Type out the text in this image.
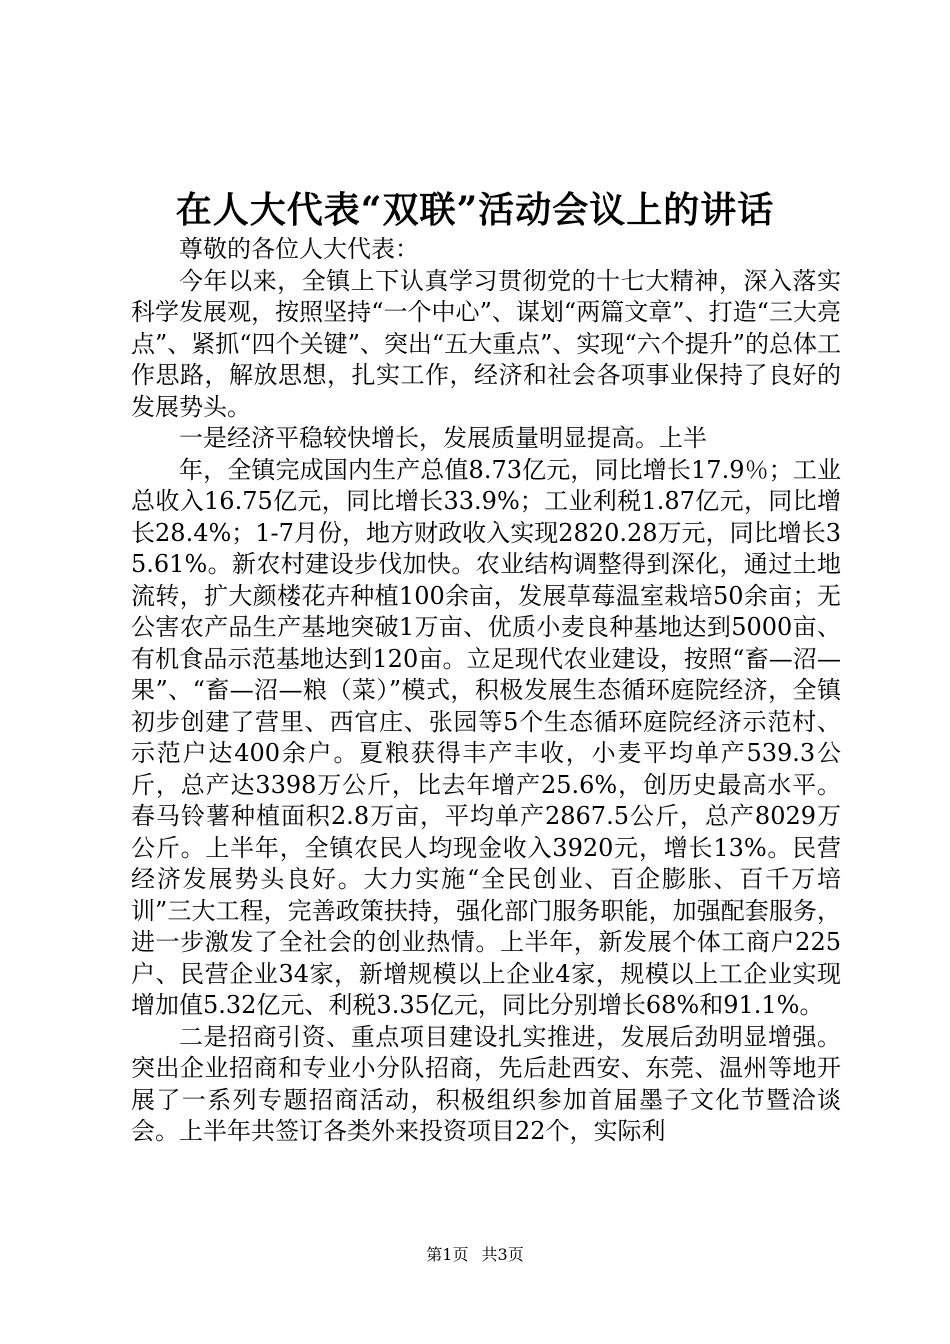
在人大代表“双联”活动会议上的讲话

尊敬的各位人大代表：

今年以来，全镇上下认真学习贯彻党的十七大精神，深入落实科学发展观，按照坚持“一个中心”、谋划“两篇文章”、打造“三大亮点”、紧抓“四个关键”、突出“五大重点”、实现“六个提升”的总体工作思路，解放思想，扎实工作，经济和社会各项事业保持了良好的发展势头。

一是经济平稳较快增长，发展质量明显提高。上半

年，全镇完成国内生产总值8.73亿元，同比增长17.9％；工业总收入16.75亿元，同比增长33.9%；工业利税1.87亿元，同比增长28.4%；1-7月份，地方财政收入实现2820.28万元，同比增长35.61%。新农村建设步伐加快。农业结构调整得到深化，通过土地流转，扩大颜楼花卉种植100余亩，发展草莓温室栽培50余亩；无公害农产品生产基地突破1万亩、优质小麦良种基地达到5000亩、有机食品示范基地达到120亩。立足现代农业建设，按照“畜—沼—果”、“畜—沼—粮（菜）”模式，积极发展生态循环庭院经济，全镇初步创建了营里、西官庄、张园等5个生态循环庭院经济示范村、示范户达400余户。夏粮获得丰产丰收，小麦平均单产539.3公斤，总产达3398万公斤，比去年增产25.6%，创历史最高水平。春马铃薯种植面积2.8万亩，平均单产2867.5公斤，总产8029万公斤。上半年，全镇农民人均现金收入3920元，增长13%。民营经济发展势头良好。大力实施“全民创业、百企膨胀、百千万培训”三大工程，完善政策扶持，强化部门服务职能，加强配套服务，进一步激发了全社会的创业热情。上半年，新发展个体工商户225户、民营企业34家，新增规模以上企业4家，规模以上工企业实现增加值5.32亿元、利税3.35亿元，同比分别增长68%和91.1%。

二是招商引资、重点项目建设扎实推进，发展后劲明显增强。突出企业招商和专业小分队招商，先后赴西安、东莞、温州等地开展了一系列专题招商活动，积极组织参加首届墨子文化节暨洽谈会。上半年共签订各类外来投资项目22个，实际利

第1页 共3页
